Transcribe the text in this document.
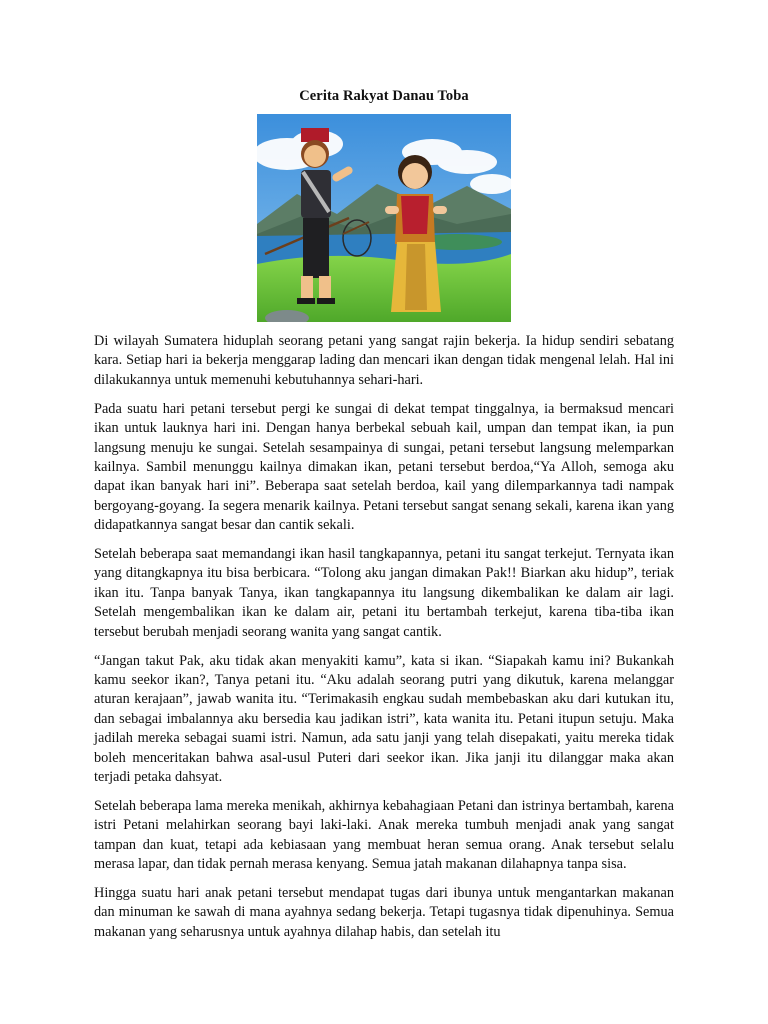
Cerita Rakyat Danau Toba

Di wilayah Sumatera hiduplah seorang petani yang sangat rajin bekerja. Ia hidup sendiri sebatang kara. Setiap hari ia bekerja menggarap lading dan mencari ikan dengan tidak mengenal lelah. Hal ini dilakukannya untuk memenuhi kebutuhannya sehari-hari.

Pada suatu hari petani tersebut pergi ke sungai di dekat tempat tinggalnya, ia bermaksud mencari ikan untuk lauknya hari ini. Dengan hanya berbekal sebuah kail, umpan dan tempat ikan, ia pun langsung menuju ke sungai. Setelah sesampainya di sungai, petani tersebut langsung melemparkan kailnya. Sambil menunggu kailnya dimakan ikan, petani tersebut berdoa,“Ya Alloh, semoga aku dapat ikan banyak hari ini”. Beberapa saat setelah berdoa, kail yang dilemparkannya tadi nampak bergoyang-goyang. Ia segera menarik kailnya. Petani tersebut sangat senang sekali, karena ikan yang didapatkannya sangat besar dan cantik sekali.

Setelah beberapa saat memandangi ikan hasil tangkapannya, petani itu sangat terkejut. Ternyata ikan yang ditangkapnya itu bisa berbicara. “Tolong aku jangan dimakan Pak!! Biarkan aku hidup”, teriak ikan itu. Tanpa banyak Tanya, ikan tangkapannya itu langsung dikembalikan ke dalam air lagi. Setelah mengembalikan ikan ke dalam air, petani itu bertambah terkejut, karena tiba-tiba ikan tersebut berubah menjadi seorang wanita yang sangat cantik.

“Jangan takut Pak, aku tidak akan menyakiti kamu”, kata si ikan. “Siapakah kamu ini? Bukankah kamu seekor ikan?, Tanya petani itu. “Aku adalah seorang putri yang dikutuk, karena melanggar aturan kerajaan”, jawab wanita itu. “Terimakasih engkau sudah membebaskan aku dari kutukan itu, dan sebagai imbalannya aku bersedia kau jadikan istri”, kata wanita itu. Petani itupun setuju. Maka jadilah mereka sebagai suami istri. Namun, ada satu janji yang telah disepakati, yaitu mereka tidak boleh menceritakan bahwa asal-usul Puteri dari seekor ikan. Jika janji itu dilanggar maka akan terjadi petaka dahsyat.

Setelah beberapa lama mereka menikah, akhirnya kebahagiaan Petani dan istrinya bertambah, karena istri Petani melahirkan seorang bayi laki-laki. Anak mereka tumbuh menjadi anak yang sangat tampan dan kuat, tetapi ada kebiasaan yang membuat heran semua orang. Anak tersebut selalu merasa lapar, dan tidak pernah merasa kenyang. Semua jatah makanan dilahapnya tanpa sisa.

Hingga suatu hari anak petani tersebut mendapat tugas dari ibunya untuk mengantarkan makanan dan minuman ke sawah di mana ayahnya sedang bekerja. Tetapi tugasnya tidak dipenuhinya. Semua makanan yang seharusnya untuk ayahnya dilahap habis, dan setelah itu
